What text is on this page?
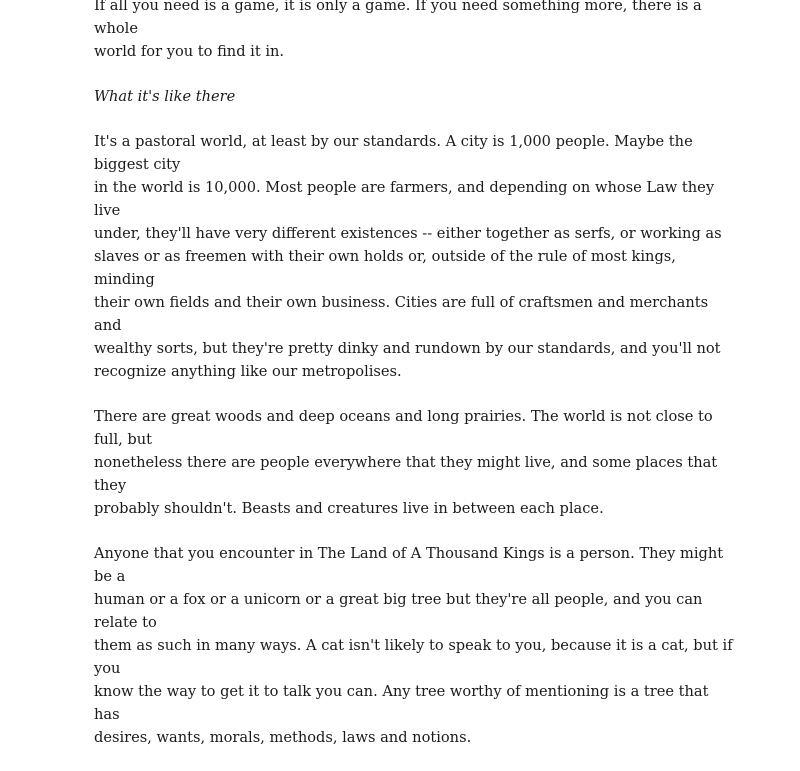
If all you need is a game, it is only a game. If you need something more, there is a whole
world for you to find it in.

What it's like there

It's a pastoral world, at least by our standards. A city is 1,000 people. Maybe the biggest city
in the world is 10,000. Most people are farmers, and depending on whose Law they live
under, they'll have very different existences -- either together as serfs, or working as
slaves or as freemen with their own holds or, outside of the rule of most kings, minding
their own fields and their own business. Cities are full of craftsmen and merchants and
wealthy sorts, but they're pretty dinky and rundown by our standards, and you'll not
recognize anything like our metropolises.

There are great woods and deep oceans and long prairies. The world is not close to full, but
nonetheless there are people everywhere that they might live, and some places that they
probably shouldn't. Beasts and creatures live in between each place.

Anyone that you encounter in The Land of A Thousand Kings is a person. They might be a
human or a fox or a unicorn or a great big tree but they're all people, and you can relate to
them as such in many ways. A cat isn't likely to speak to you, because it is a cat, but if you
know the way to get it to talk you can. Any tree worthy of mentioning is a tree that has
desires, wants, morals, methods, laws and notions.
